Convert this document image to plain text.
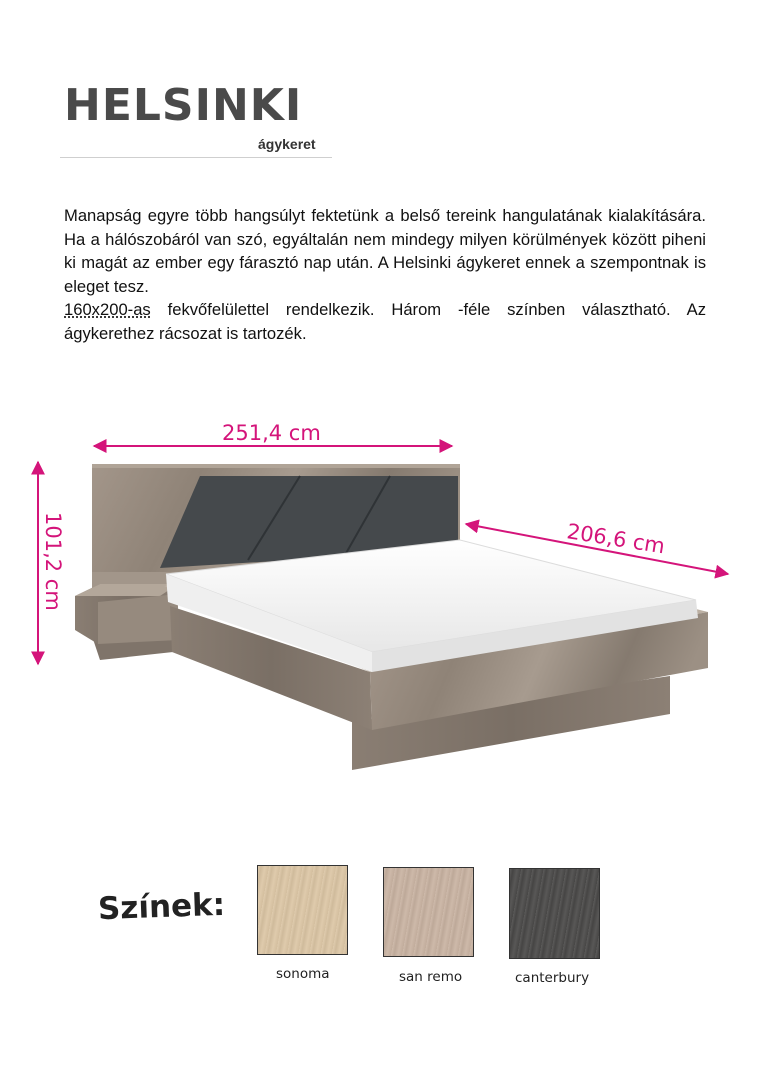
HELSINKI
ágykeret

Manapság egyre több hangsúlyt fektetünk a belső tereink hangulatának kialakítására. Ha a hálószobáról van szó, egyáltalán nem mindegy milyen körülmények között piheni ki magát az ember egy fárasztó nap után. A Helsinki ágykeret ennek a szempontnak is eleget tesz.

160x200-as fekvőfelülettel rendelkezik. Három -féle színben választható. Az ágykerethez rácsozat is tartozék.

251,4 cm
206,6 cm
101,2 cm
Színek:
sonoma	san remo	canterbury
